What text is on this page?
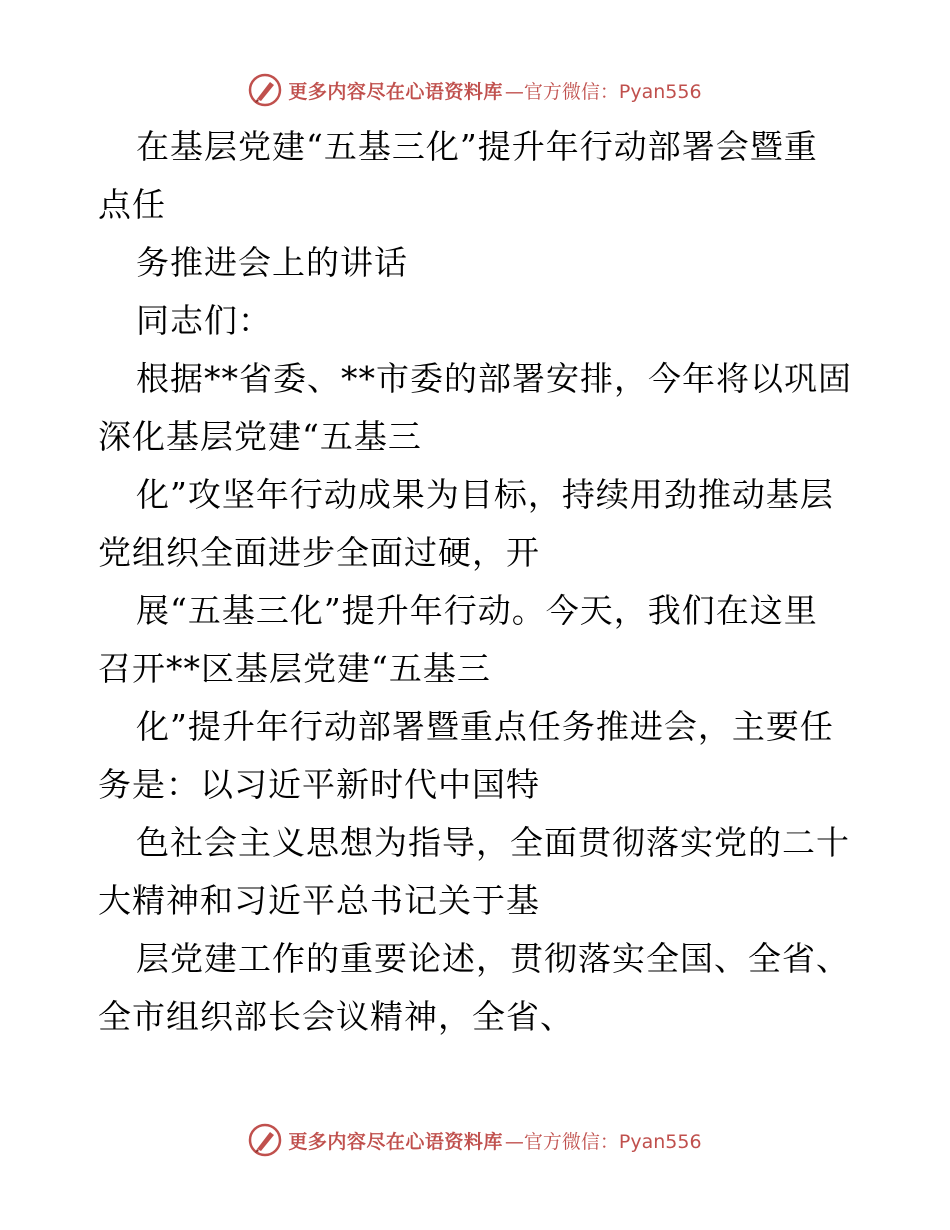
更多内容尽在心语资料库 —官方微信：Pyan556
在基层党建“五基三化”提升年行动部署会暨重
点任
务推进会上的讲话
同志们：
根据**省委、**市委的部署安排，今年将以巩固
深化基层党建“五基三
化”攻坚年行动成果为目标，持续用劲推动基层
党组织全面进步全面过硬，开
展“五基三化”提升年行动。今天，我们在这里
召开**区基层党建“五基三
化”提升年行动部署暨重点任务推进会，主要任
务是：以习近平新时代中国特
色社会主义思想为指导，全面贯彻落实党的二十
大精神和习近平总书记关于基
层党建工作的重要论述，贯彻落实全国、全省、
全市组织部长会议精神，全省、
更多内容尽在心语资料库 —官方微信：Pyan556
